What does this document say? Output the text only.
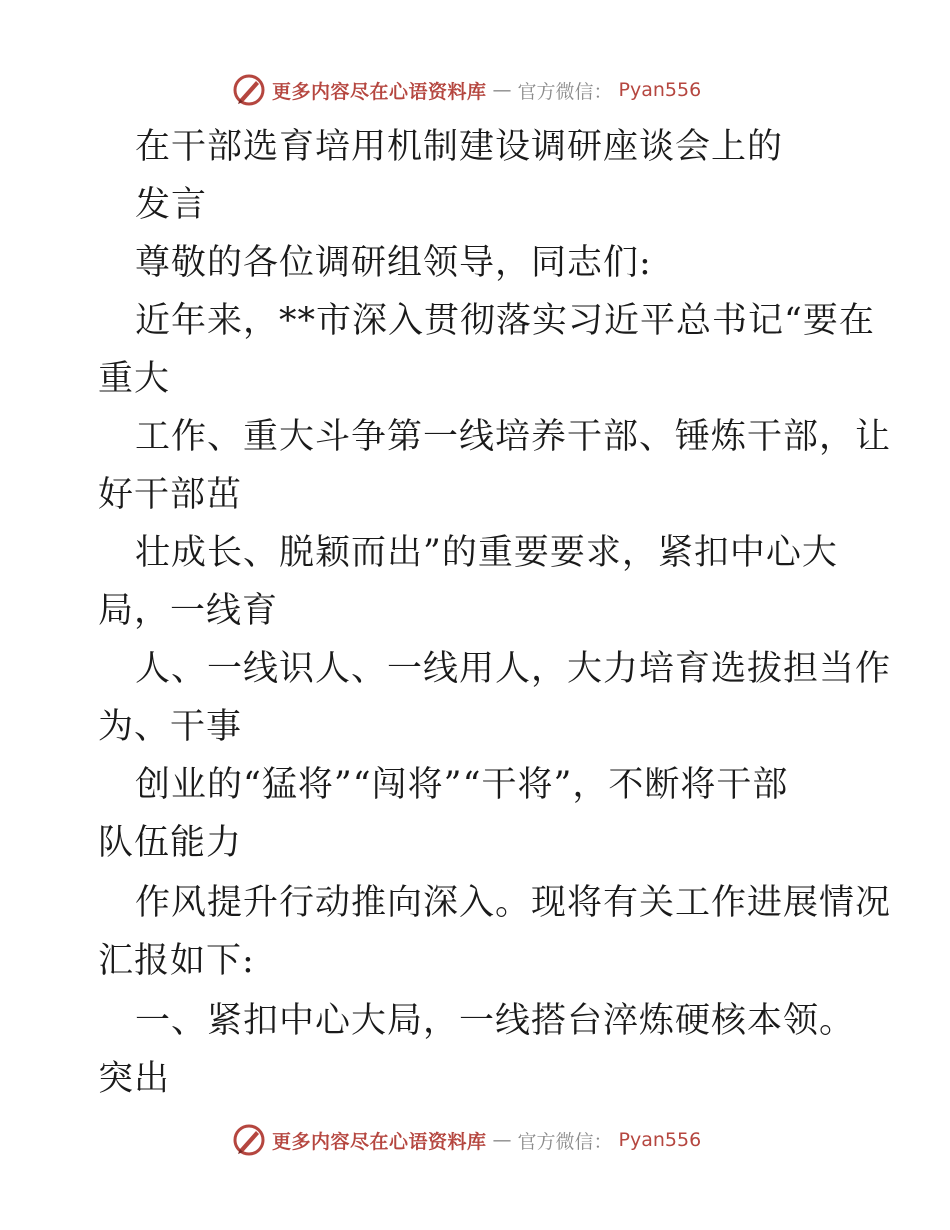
更多内容尽在心语资料库 — 官方微信： Pyan556
在干部选育培用机制建设调研座谈会上的
发言
尊敬的各位调研组领导，同志们:
近年来，**市深入贯彻落实习近平总书记“要在
重大
工作、重大斗争第一线培养干部、锤炼干部，让
好干部茁
壮成长、脱颖而出”的重要要求，紧扣中心大
局，一线育
人、一线识人、一线用人，大力培育选拔担当作
为、干事
创业的“猛将”“闯将”“干将”，不断将干部
队伍能力
作风提升行动推向深入。现将有关工作进展情况
汇报如下:
一、紧扣中心大局，一线搭台淬炼硬核本领。
突出
更多内容尽在心语资料库 — 官方微信： Pyan556
